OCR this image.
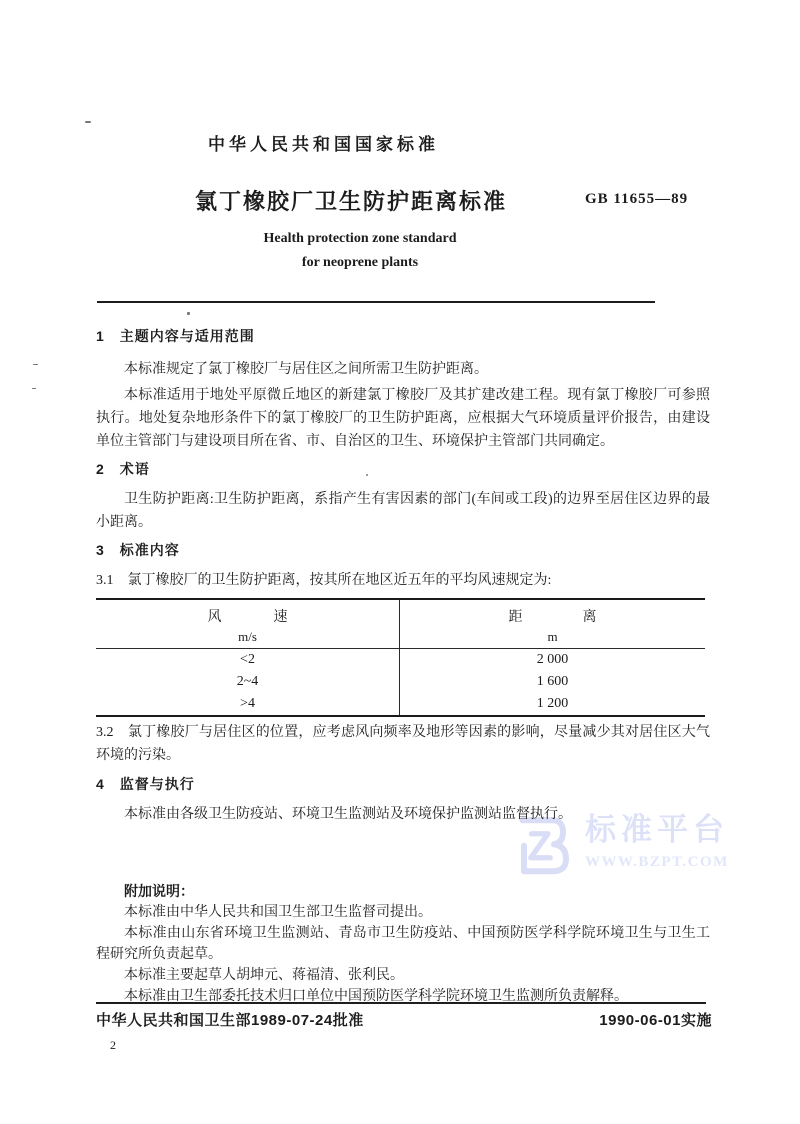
标准平台
WWW.BZPT.COM
中华人民共和国国家标准
氯丁橡胶厂卫生防护距离标准	GB 11655—89
Health protection zone standard
for neoprene plants
1　主题内容与适用范围

本标准规定了氯丁橡胶厂与居住区之间所需卫生防护距离。

本标准适用于地处平原微丘地区的新建氯丁橡胶厂及其扩建改建工程。现有氯丁橡胶厂可参照执行。地处复杂地形条件下的氯丁橡胶厂的卫生防护距离，应根据大气环境质量评价报告，由建设单位主管部门与建设项目所在省、市、自治区的卫生、环境保护主管部门共同确定。

2　术语

卫生防护距离:卫生防护距离，系指产生有害因素的部门(车间或工段)的边界至居住区边界的最小距离。

3　标准内容

3.1　氯丁橡胶厂的卫生防护距离，按其所在地区近五年的平均风速规定为:

风速
m/s
距离
m
<2	2 000
2~4	1 600
>4	1 200

3.2　氯丁橡胶厂与居住区的位置，应考虑风向频率及地形等因素的影响，尽量减少其对居住区大气环境的污染。

4　监督与执行

本标准由各级卫生防疫站、环境卫生监测站及环境保护监测站监督执行。

附加说明：

本标准由中华人民共和国卫生部卫生监督司提出。

本标准由山东省环境卫生监测站、青岛市卫生防疫站、中国预防医学科学院环境卫生与卫生工程研究所负责起草。

本标准主要起草人胡坤元、蒋福清、张利民。

本标准由卫生部委托技术归口单位中国预防医学科学院环境卫生监测所负责解释。

中华人民共和国卫生部1989-07-24批准	1990-06-01实施
2
